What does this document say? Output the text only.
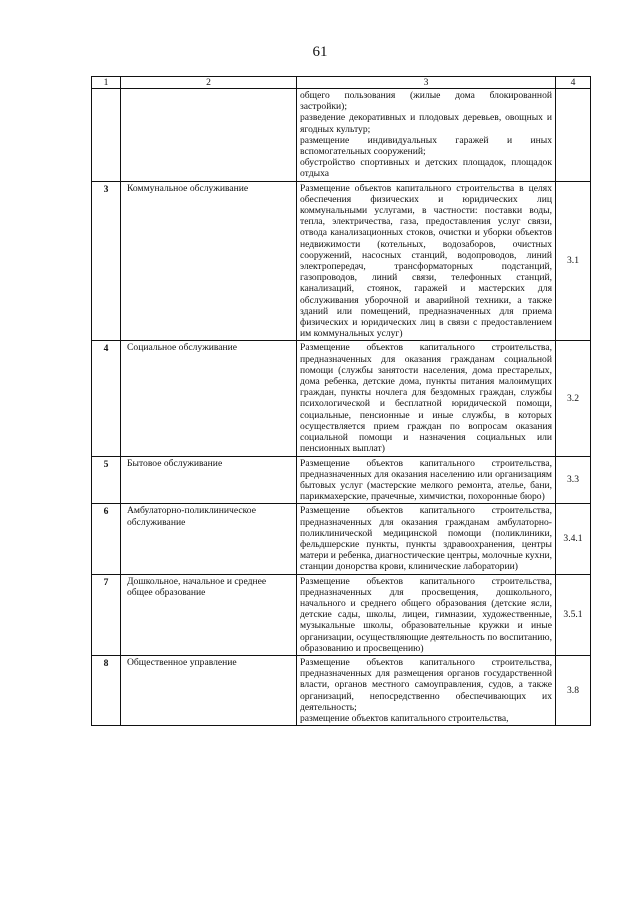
61
1	2	3	4

		общего пользования (жилые дома блокированной застройки);
разведение декоративных и плодовых деревьев, овощных и ягодных культур;
размещение индивидуальных гаражей и иных вспомогательных сооружений;
обустройство спортивных и детских площадок, площадок отдыха	

3	Коммунальное обслуживание	Размещение объектов капитального строительства в целях обеспечения физических и юридических лиц коммунальными услугами, в частности: поставки воды, тепла, электричества, газа, предоставления услуг связи, отвода канализационных стоков, очистки и уборки объектов недвижимости (котельных, водозаборов, очистных сооружений, насосных станций, водопроводов, линий электропередач, трансформаторных подстанций, газопроводов, линий связи, телефонных станций, канализаций, стоянок, гаражей и мастерских для обслуживания уборочной и аварийной техники, а также зданий или помещений, предназначенных для приема физических и юридических лиц в связи с предоставлением им коммунальных услуг)	3.1
4	Социальное обслуживание	Размещение объектов капитального строительства, предназначенных для оказания гражданам социальной помощи (службы занятости населения, дома престарелых, дома ребенка, детские дома, пункты питания малоимущих граждан, пункты ночлега для бездомных граждан, службы психологической и бесплатной юридической помощи, социальные, пенсионные и иные службы, в которых осуществляется прием граждан по вопросам оказания социальной помощи и назначения социальных или пенсионных выплат)	3.2
5	Бытовое обслуживание	Размещение объектов капитального строительства, предназначенных для оказания населению или организациям бытовых услуг (мастерские мелкого ремонта, ателье, бани, парикмахерские, прачечные, химчистки, похоронные бюро)	3.3
6	Амбулаторно-поликлиническое обслуживание	Размещение объектов капитального строительства, предназначенных для оказания гражданам амбулаторно-поликлинической медицинской помощи (поликлиники, фельдшерские пункты, пункты здравоохранения, центры матери и ребенка, диагностические центры, молочные кухни, станции донорства крови, клинические лаборатории)	3.4.1
7	Дошкольное, начальное и среднее общее образование	Размещение объектов капитального строительства, предназначенных для просвещения, дошкольного, начального и среднего общего образования (детские ясли, детские сады, школы, лицеи, гимназии, художественные, музыкальные школы, образовательные кружки и иные организации, осуществляющие деятельность по воспитанию, образованию и просвещению)	3.5.1
8	Общественное управление	Размещение объектов капитального строительства, предназначенных для размещения органов государственной власти, органов местного самоуправления, судов, а также организаций, непосредственно обеспечивающих их деятельность;
размещение объектов капитального строительства,	3.8
